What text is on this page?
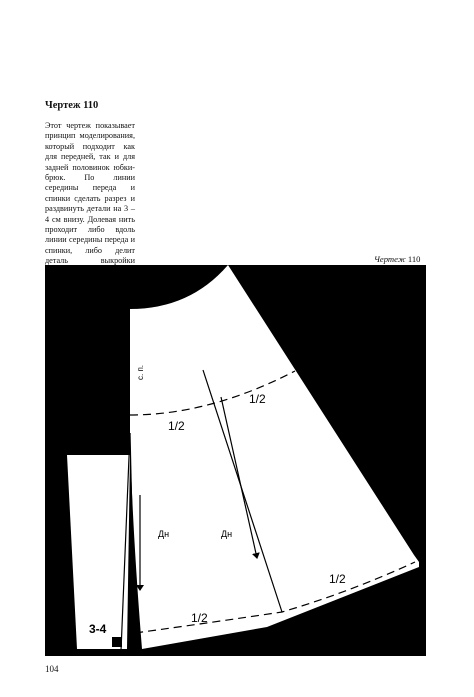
Чертеж 110

Этот чертеж показывает принцип моделирования, который подходит как для передней, так и для задней половинок юбки-брюк. По линии середины переда и спинки сделать разрез и раздвинуть детали на 3 – 4 см внизу. Долевая нить проходит либо вдоль линии середины переда и спинки, либо делит деталь выкройки	Чертеж 110

с. п.
1/2
1/2
1/2
1/2
Дн	Дн
3-4

104
